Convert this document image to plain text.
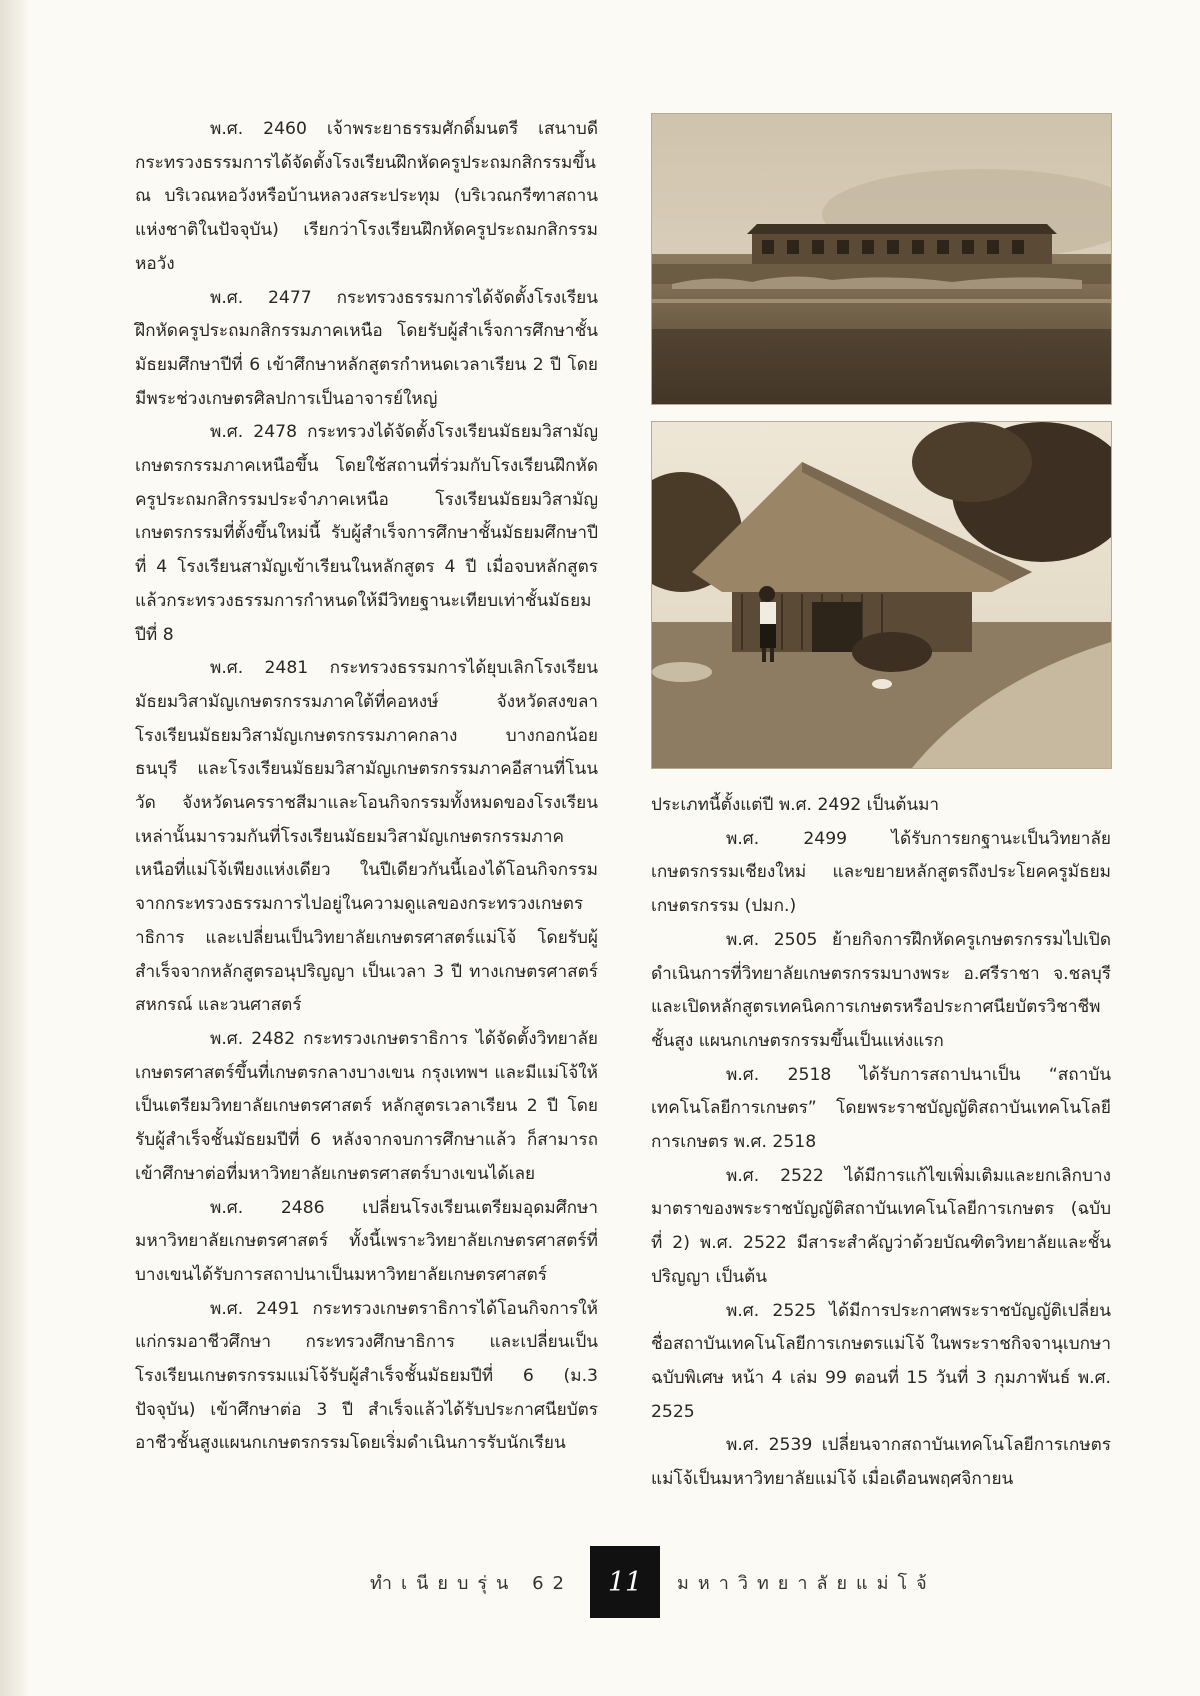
พ.ศ. 2460 เจ้าพระยาธรรมศักดิ์มนตรี เสนาบดีกระทรวงธรรมการได้จัดตั้งโรงเรียนฝึกหัดครูประถมกสิกรรมขึ้น ณ บริเวณหอวังหรือบ้านหลวงสระประทุม (บริเวณกรีฑาสถานแห่งชาติในปัจจุบัน) เรียกว่าโรงเรียนฝึกหัดครูประถมกสิกรรมหอวัง

พ.ศ. 2477 กระทรวงธรรมการได้จัดตั้งโรงเรียนฝึกหัดครูประถมกสิกรรมภาคเหนือ โดยรับผู้สำเร็จการศึกษาชั้นมัธยมศึกษาปีที่ 6 เข้าศึกษาหลักสูตรกำหนดเวลาเรียน 2 ปี โดยมีพระช่วงเกษตรศิลปการเป็นอาจารย์ใหญ่

พ.ศ. 2478 กระทรวงได้จัดตั้งโรงเรียนมัธยมวิสามัญเกษตรกรรมภาคเหนือขึ้น โดยใช้สถานที่ร่วมกับโรงเรียนฝึกหัดครูประถมกสิกรรมประจำภาคเหนือ โรงเรียนมัธยมวิสามัญเกษตรกรรมที่ตั้งขึ้นใหม่นี้ รับผู้สำเร็จการศึกษาชั้นมัธยมศึกษาปีที่ 4 โรงเรียนสามัญเข้าเรียนในหลักสูตร 4 ปี เมื่อจบหลักสูตรแล้วกระทรวงธรรมการกำหนดให้มีวิทยฐานะเทียบเท่าชั้นมัธยมปีที่ 8

พ.ศ. 2481 กระทรวงธรรมการได้ยุบเลิกโรงเรียนมัธยมวิสามัญเกษตรกรรมภาคใต้ที่คอหงษ์ จังหวัดสงขลา โรงเรียนมัธยมวิสามัญเกษตรกรรมภาคกลาง บางกอกน้อย ธนบุรี และโรงเรียนมัธยมวิสามัญเกษตรกรรมภาคอีสานที่โนนวัด จังหวัดนครราชสีมาและโอนกิจกรรมทั้งหมดของโรงเรียนเหล่านั้นมารวมกันที่โรงเรียนมัธยมวิสามัญเกษตรกรรมภาคเหนือที่แม่โจ้เพียงแห่งเดียว ในปีเดียวกันนี้เองได้โอนกิจกรรมจากกระทรวงธรรมการไปอยู่ในความดูแลของกระทรวงเกษตราธิการ และเปลี่ยนเป็นวิทยาลัยเกษตรศาสตร์แม่โจ้ โดยรับผู้สำเร็จจากหลักสูตรอนุปริญญา เป็นเวลา 3 ปี ทางเกษตรศาสตร์สหกรณ์ และวนศาสตร์

พ.ศ. 2482 กระทรวงเกษตราธิการ ได้จัดตั้งวิทยาลัยเกษตรศาสตร์ขึ้นที่เกษตรกลางบางเขน กรุงเทพฯ และมีแม่โจ้ให้เป็นเตรียมวิทยาลัยเกษตรศาสตร์ หลักสูตรเวลาเรียน 2 ปี โดยรับผู้สำเร็จชั้นมัธยมปีที่ 6 หลังจากจบการศึกษาแล้ว ก็สามารถเข้าศึกษาต่อที่มหาวิทยาลัยเกษตรศาสตร์บางเขนได้เลย

พ.ศ. 2486 เปลี่ยนโรงเรียนเตรียมอุดมศึกษามหาวิทยาลัยเกษตรศาสตร์ ทั้งนี้เพราะวิทยาลัยเกษตรศาสตร์ที่บางเขนได้รับการสถาปนาเป็นมหาวิทยาลัยเกษตรศาสตร์

พ.ศ. 2491 กระทรวงเกษตราธิการได้โอนกิจการให้แก่กรมอาชีวศึกษา กระทรวงศึกษาธิการ และเปลี่ยนเป็นโรงเรียนเกษตรกรรมแม่โจ้รับผู้สำเร็จชั้นมัธยมปีที่ 6 (ม.3 ปัจจุบัน) เข้าศึกษาต่อ 3 ปี สำเร็จแล้วได้รับประกาศนียบัตรอาชีวชั้นสูงแผนกเกษตรกรรมโดยเริ่มดำเนินการรับนักเรียน

ประเภทนี้ตั้งแต่ปี พ.ศ. 2492 เป็นต้นมา

พ.ศ. 2499 ได้รับการยกฐานะเป็นวิทยาลัยเกษตรกรรมเชียงใหม่ และขยายหลักสูตรถึงประโยคครูมัธยมเกษตรกรรม (ปมก.)

พ.ศ. 2505 ย้ายกิจการฝึกหัดครูเกษตรกรรมไปเปิดดำเนินการที่วิทยาลัยเกษตรกรรมบางพระ อ.ศรีราชา จ.ชลบุรี และเปิดหลักสูตรเทคนิคการเกษตรหรือประกาศนียบัตรวิชาชีพชั้นสูง แผนกเกษตรกรรมขึ้นเป็นแห่งแรก

พ.ศ. 2518 ได้รับการสถาปนาเป็น “สถาบันเทคโนโลยีการเกษตร” โดยพระราชบัญญัติสถาบันเทคโนโลยีการเกษตร พ.ศ. 2518

พ.ศ. 2522 ได้มีการแก้ไขเพิ่มเติมและยกเลิกบางมาตราของพระราชบัญญัติสถาบันเทคโนโลยีการเกษตร (ฉบับที่ 2) พ.ศ. 2522 มีสาระสำคัญว่าด้วยบัณฑิตวิทยาลัยและชั้นปริญญา เป็นต้น

พ.ศ. 2525 ได้มีการประกาศพระราชบัญญัติเปลี่ยนชื่อสถาบันเทคโนโลยีการเกษตรแม่โจ้ ในพระราชกิจจานุเบกษา ฉบับพิเศษ หน้า 4 เล่ม 99 ตอนที่ 15 วันที่ 3 กุมภาพันธ์ พ.ศ. 2525

พ.ศ. 2539 เปลี่ยนจากสถาบันเทคโนโลยีการเกษตรแม่โจ้เป็นมหาวิทยาลัยแม่โจ้ เมื่อเดือนพฤศจิกายน

ทำเนียบรุ่น 62 11 มหาวิทยาลัยแม่โจ้
